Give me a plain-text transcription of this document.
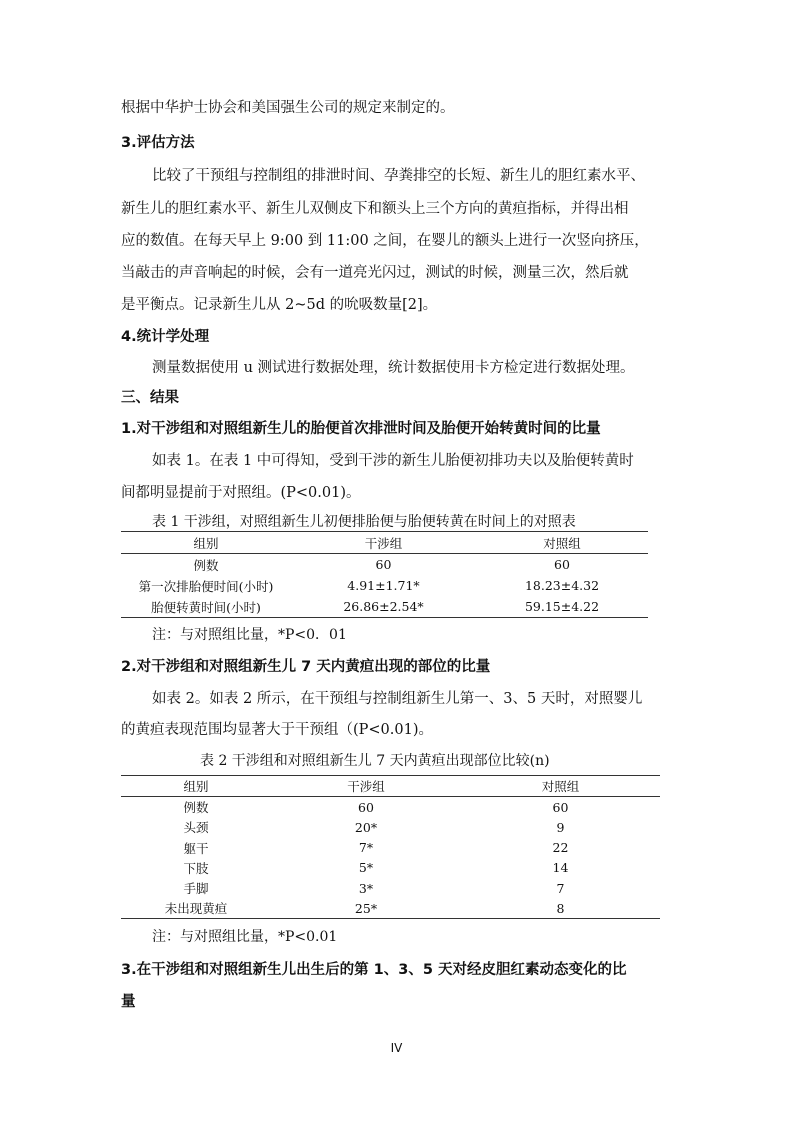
根据中华护士协会和美国强生公司的规定来制定的。
3.评估方法
比较了干预组与控制组的排泄时间、孕粪排空的长短、新生儿的胆红素水平、
新生儿的胆红素水平、新生儿双侧皮下和额头上三个方向的黄疸指标，并得出相
应的数值。在每天早上 9:00 到 11:00 之间，在婴儿的额头上进行一次竖向挤压，
当敲击的声音响起的时候，会有一道亮光闪过，测试的时候，测量三次，然后就
是平衡点。记录新生儿从 2~5d 的吮吸数量[2]。
4.统计学处理
测量数据使用 u 测试进行数据处理，统计数据使用卡方检定进行数据处理。
三、结果
1.对干涉组和对照组新生儿的胎便首次排泄时间及胎便开始转黄时间的比量
如表 1。在表 1 中可得知，受到干涉的新生儿胎便初排功夫以及胎便转黄时
间都明显提前于对照组。(P<0.01)。
表 1 干涉组，对照组新生儿初便排胎便与胎便转黄在时间上的对照表
组别	干涉组	对照组
例数	60	60
第一次排胎便时间(小时)	4.91±1.71*	18.23±4.32
胎便转黄时间(小时)	26.86±2.54*	59.15±4.22
注：与对照组比量，*P<0．01
2.对干涉组和对照组新生儿 7 天内黄疸出现的部位的比量
如表 2。如表 2 所示，在干预组与控制组新生儿第一、3、5 天时，对照婴儿
的黄疸表现范围均显著大于干预组（(P<0.01)。
表 2 干涉组和对照组新生儿 7 天内黄疸出现部位比较(n)
组别	干涉组	对照组
例数	60	60
头颈	20*	9
躯干	7*	22
下肢	5*	14
手脚	3*	7
未出现黄疸	25*	8
注：与对照组比量，*P<0.01
3.在干涉组和对照组新生儿出生后的第 1、3、5 天对经皮胆红素动态变化的比
量
IV
